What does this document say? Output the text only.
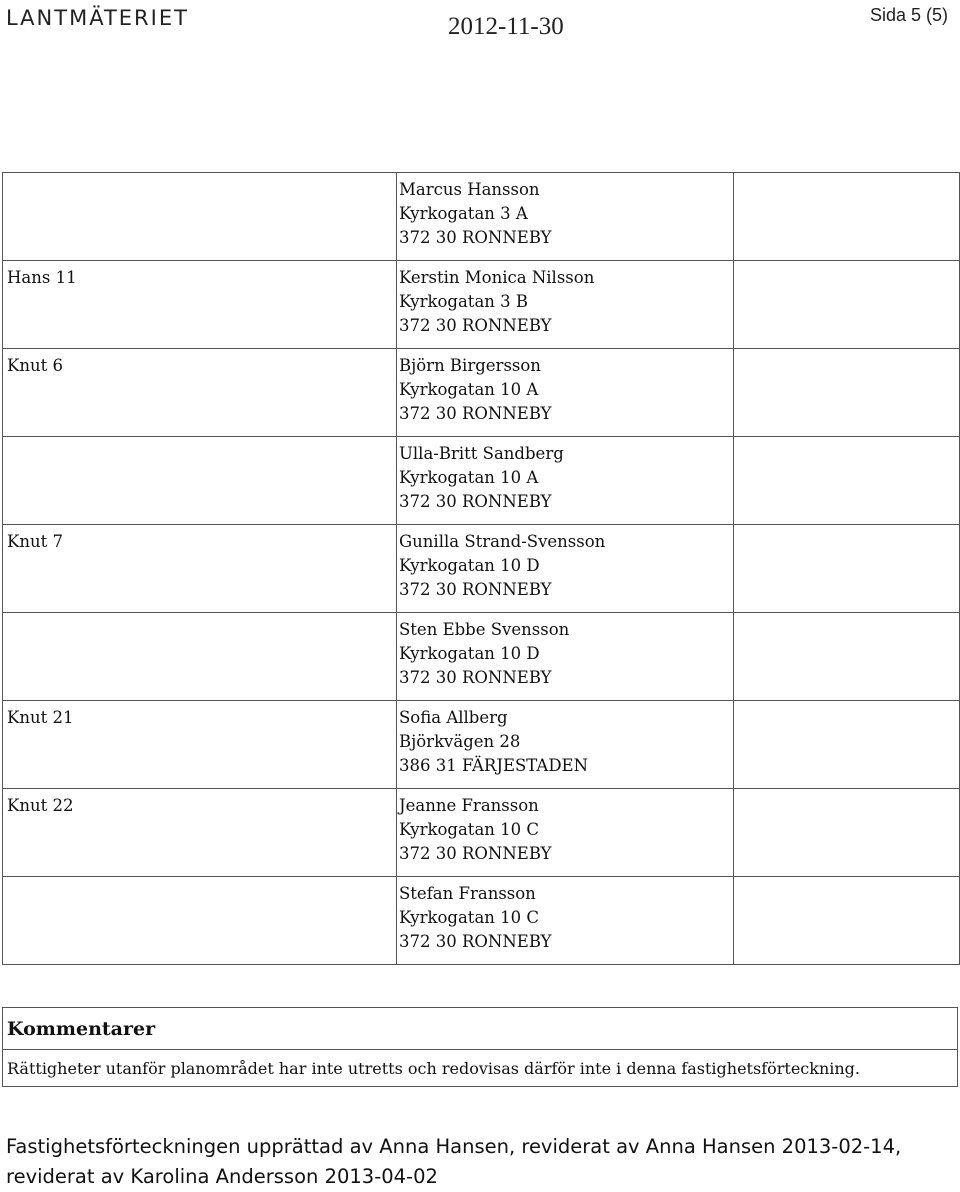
LANTMÄTERIET	2012-11-30	Sida 5 (5)

	Marcus Hansson
Kyrkogatan 3 A
372 30 RONNEBY	

Hans 11	Kerstin Monica Nilsson
Kyrkogatan 3 B
372 30 RONNEBY	

Knut 6	Björn Birgersson
Kyrkogatan 10 A
372 30 RONNEBY	

	Ulla-Britt Sandberg
Kyrkogatan 10 A
372 30 RONNEBY	

Knut 7	Gunilla Strand-Svensson
Kyrkogatan 10 D
372 30 RONNEBY	

	Sten Ebbe Svensson
Kyrkogatan 10 D
372 30 RONNEBY	

Knut 21	Sofia Allberg
Björkvägen 28
386 31 FÄRJESTADEN	

Knut 22	Jeanne Fransson
Kyrkogatan 10 C
372 30 RONNEBY	

	Stefan Fransson
Kyrkogatan 10 C
372 30 RONNEBY	

Kommentarer
Rättigheter utanför planområdet har inte utretts och redovisas därför inte i denna fastighetsförteckning.
Fastighetsförteckningen upprättad av Anna Hansen, reviderat av Anna Hansen 2013-02-14, reviderat av Karolina Andersson 2013-04-02
